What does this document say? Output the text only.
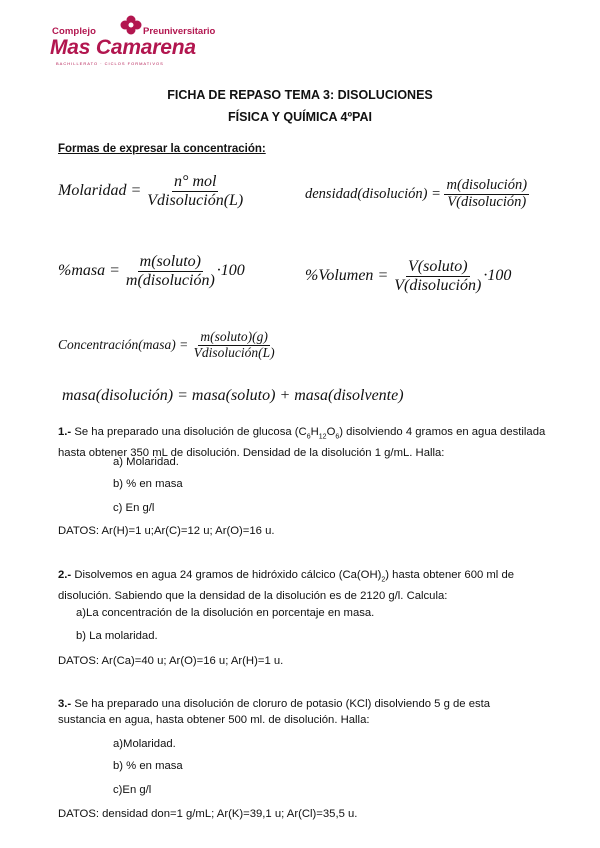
Complejo	Preuniversitario
Mas Camarena
BACHILLERATO · CICLOS FORMATIVOS
FICHA DE REPASO TEMA 3: DISOLUCIONES
FÍSICA Y QUÍMICA 4ºPAI
Formas de expresar la concentración:
Molaridad = $\frac{\text{n° mol}}{\text{Vdisolución(L)}}$	densidad(disolución) = $\frac{\text{m(disolución)}}{\text{V(disolución)}}$
%masa = $\frac{\text{m(soluto)}}{\text{m(disolución)}} \cdot 100$	%Volumen = $\frac{\text{V(soluto)}}{\text{V(disolución)}} \cdot 100$
Concentración(masa) = $\frac{\text{m(soluto)(g)}}{\text{Vdisolución(L)}}$
masa(disolución) = masa(soluto) + masa(disolvente)
1.- Se ha preparado una disolución de glucosa $(C_6H_{12}O_6)$ disolviendo 4 gramos en agua destilada hasta obtener 350 mL de disolución. Densidad de la disolución 1 g/mL. Halla:
a) Molaridad.
b) % en masa
c) En g/l
DATOS: Ar(H)=1 u;Ar(C)=12 u; Ar(O)=16 u.
2.- Disolvemos en agua 24 gramos de hidróxido cálcico $(Ca(OH)_2)$ hasta obtener 600 ml de disolución. Sabiendo que la densidad de la disolución es de 2120 g/l. Calcula:
a)La concentración de la disolución en porcentaje en masa.
b) La molaridad.
DATOS: Ar(Ca)=40 u; Ar(O)=16 u; Ar(H)=1 u.
3.- Se ha preparado una disolución de cloruro de potasio (KCl) disolviendo 5 g de esta sustancia en agua, hasta obtener 500 ml. de disolución. Halla:
a)Molaridad.
b) % en masa
c)En g/l
DATOS: densidad don=1 g/mL; Ar(K)=39,1 u; Ar(Cl)=35,5 u.
